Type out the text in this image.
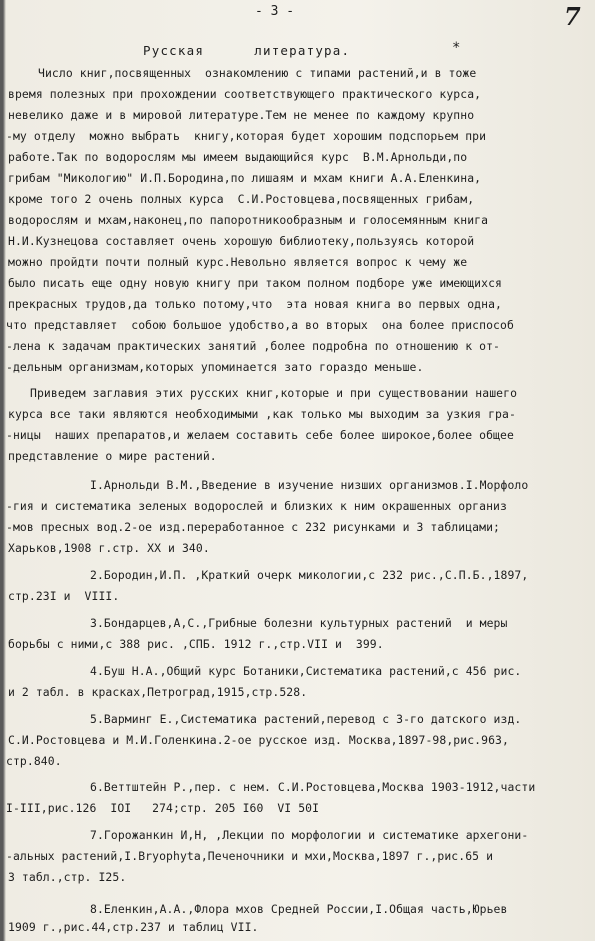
- 3 -	7
Русская   литература.	*
Число книг,посвященных  ознакомлению с типами растений,и в тоже
время полезных при прохождении соответствующего практического курса,
невелико даже и в мировой литературе.Тем не менее по каждому крупно
-му отделу  можно выбрать  книгу,которая будет хорошим подспорьем при
работе.Так по водорослям мы имеем выдающийся курс  В.М.Арнольди,по
грибам "Микологию" И.П.Бородина,по лишаям и мхам книги А.А.Еленкина,
кроме того 2 очень полных курса  С.И.Ростовцева,посвященных грибам,
водорослям и мхам,наконец,по папоротникообразным и голосемянным книга
Н.И.Кузнецова составляет очень хорошую библиотеку,пользуясь которой
можно пройдти почти полный курс.Невольно является вопрос к чему же
было писать еще одну новую книгу при таком полном подборе уже имеющихся
прекрасных трудов,да только потому,что  эта новая книга во первых одна,
что представляет  собою большое удобство,а во вторых  она более приспособ
-лена к задачам практических занятий ,более подробна по отношению к от-
-дельным организмам,которых упоминается зато гораздо меньше.
Приведем заглавия этих русских книг,которые и при существовании нашего
курса все таки являются необходимыми ,как только мы выходим за узкия гра-
-ницы  наших препаратов,и желаем составить себе более широкое,более общее
представление о мире растений.
I.Арнольди В.М.,Введение в изучение низших организмов.I.Морфоло
-гия и систематика зеленых водорослей и близких к ним окрашенных организ
-мов пресных вод.2-ое изд.переработанное с 232 рисунками и 3 таблицами;
Харьков,1908 г.стр. XX и 340.
2.Бородин,И.П. ,Краткий очерк микологии,с 232 рис.,С.П.Б.,1897,
стр.23I и  VIII.
3.Бондарцев,А,С.,Грибные болезни культурных растений  и меры
борьбы с ними,с 388 рис. ,СПБ. 1912 г.,стр.VII и  399.
4.Буш Н.А.,Общий курс Ботаники,Систематика растений,с 456 рис.
и 2 табл. в красках,Петроград,1915,стр.528.
5.Варминг Е.,Систематика растений,перевод с 3-го датского изд.
С.И.Ростовцева и М.И.Голенкина.2-ое русское изд. Москва,1897-98,рис.963,
стр.840.
6.Веттштейн Р.,пер. с нем. С.И.Ростовцева,Москва 1903-1912,части
I-III,рис.126  IOI   274;стр. 205 I60  VI 50I
7.Горожанкин И,Н, ,Лекции по морфологии и систематике архегони-
-альных растений,I.Bryophyta,Печеночники и мхи,Москва,1897 г.,рис.65 и
3 табл.,стр. I25.
8.Еленкин,А.А.,Флора мхов Средней России,I.Общая часть,Юрьев
1909 г.,рис.44,стр.237 и таблиц VII.
